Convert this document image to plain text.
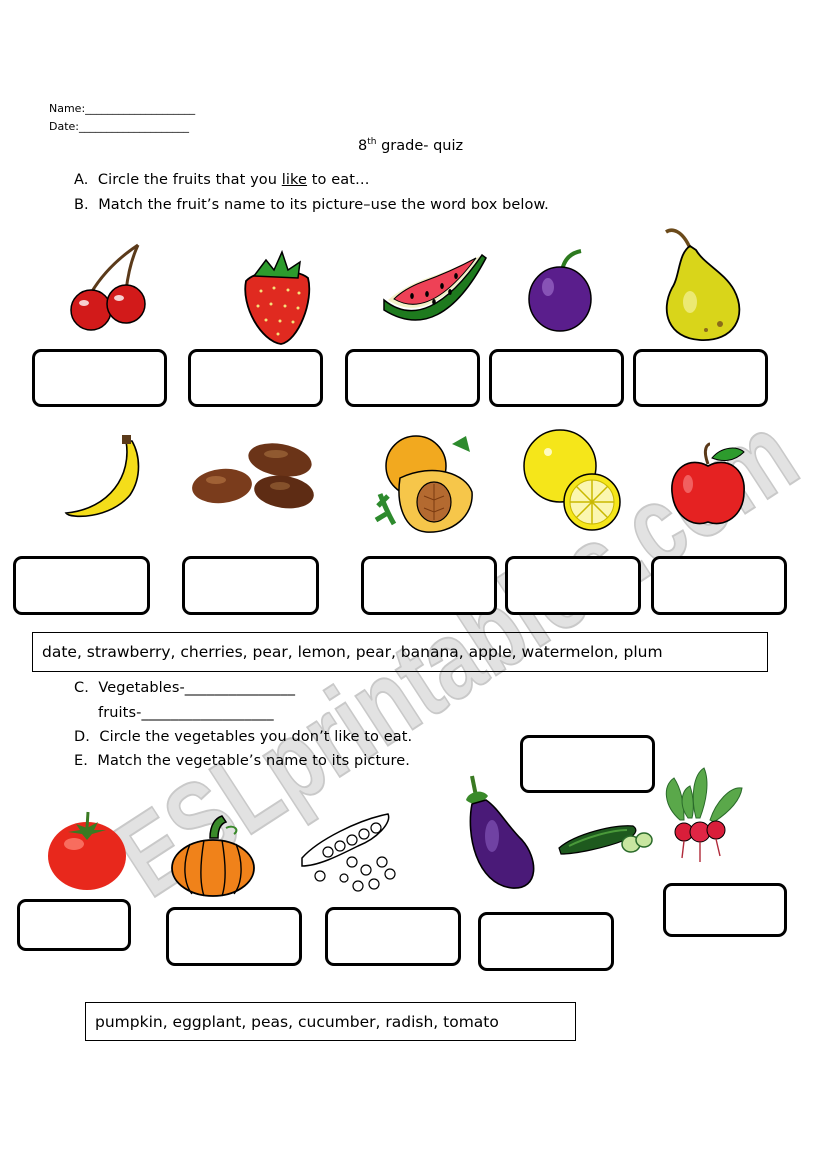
Name:____________________
Date:____________________
8th grade- quiz
A. Circle the fruits that you like to eat…
B. Match the fruit’s name to its picture–use the word box below.
date, strawberry, cherries, pear, lemon, pear, banana, apple, watermelon, plum
C. Vegetables-_______________
fruits-__________________
D. Circle the vegetables you don’t like to eat.
E. Match the vegetable’s name to its picture.
pumpkin, eggplant, peas, cucumber, radish, tomato
